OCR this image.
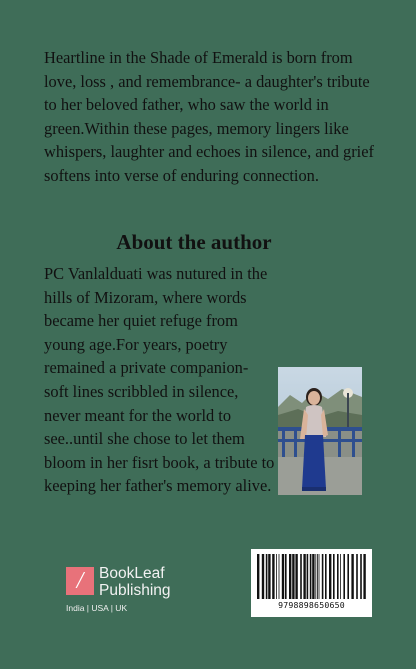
Heartline in the Shade of Emerald is born from love, loss , and remembrance- a daughter's tribute to her beloved father, who saw the world in green.Within these pages, memory lingers like whispers, laughter and echoes in silence, and grief softens into verse of enduring connection.

About the author

PC Vanlalduati was nutured in the hills of Mizoram, where words became her quiet refuge from young age.For years, poetry remained a private companion- soft lines scribbled in silence, never meant for the world to see..until she chose to let them bloom in her fisrt book, a tribute to keeping her father's memory alive.

/	BookLeaf
Publishing
India | USA | UK	9798898650650
